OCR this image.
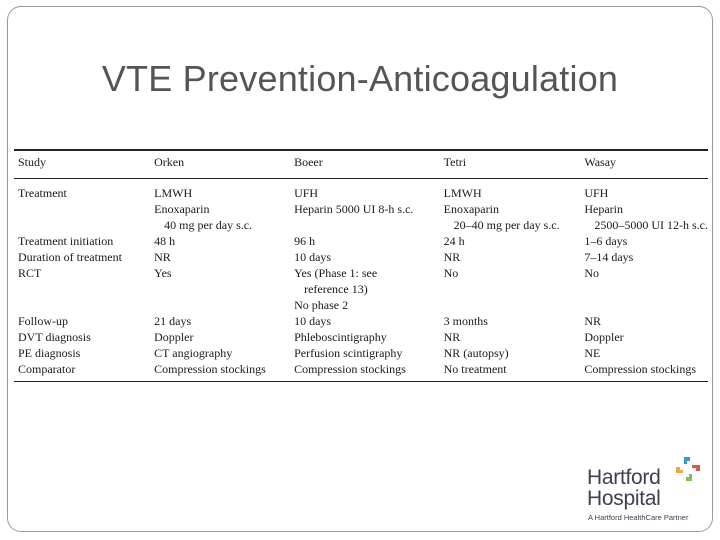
VTE Prevention-Anticoagulation
Study	Orken	Boeer	Tetri	Wasay

Treatment	LMWH	UFH	LMWH	UFH
	Enoxaparin	Heparin 5000 UI 8-h s.c.	Enoxaparin	Heparin
	40 mg per day s.c.		20–40 mg per day s.c.	2500–5000 UI 12-h s.c.
Treatment initiation	48 h	96 h	24 h	1–6 days
Duration of treatment	NR	10 days	NR	7–14 days
RCT	Yes	Yes (Phase 1: see	No	No
		reference 13)		
		No phase 2		
Follow-up	21 days	10 days	3 months	NR
DVT diagnosis	Doppler	Phleboscintigraphy	NR	Doppler
PE diagnosis	CT angiography	Perfusion scintigraphy	NR (autopsy)	NE
Comparator	Compression stockings	Compression stockings	No treatment	Compression stockings

Hartford
Hospital
A Hartford HealthCare Partner
